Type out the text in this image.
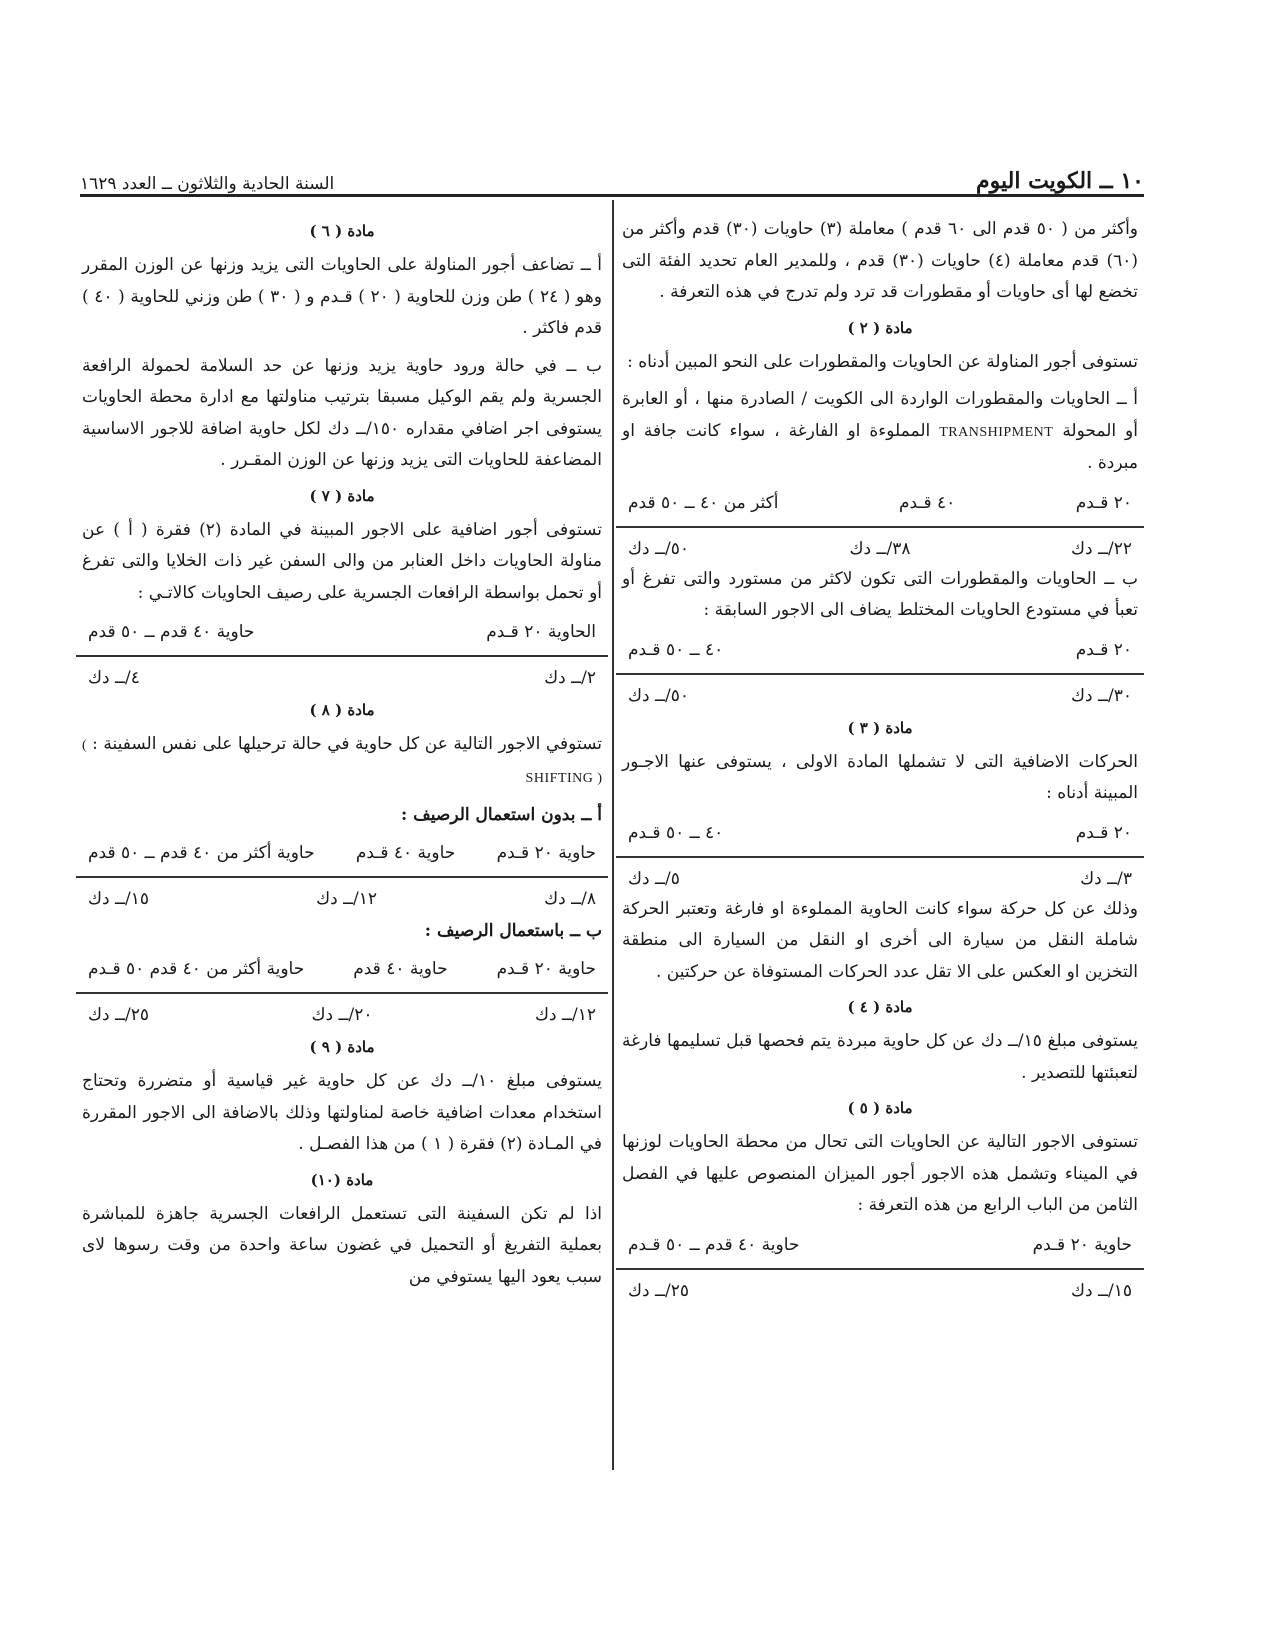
١٠ ــ الكويت اليوم
السنة الحادية والثلاثون ــ العدد ١٦٢٩

وأكثر من ( ٥٠ قدم الى ٦٠ قدم ) معاملة (٣) حاويات (٣٠) قدم وأكثر من (٦٠) قدم معاملة (٤) حاويات (٣٠) قدم ، وللمدير العام تحديد الفئة التى تخضع لها أى حاويات أو مقطورات قد ترد ولم تدرج في هذه التعرفة .

مادة ( ٢ )

تستوفى أجور المناولة عن الحاويات والمقطورات على النحو المبين أدناه :

أ ــ الحاويات والمقطورات الواردة الى الكويت / الصادرة منها ، أو العابرة أو المحولة TRANSHIPMENT المملوءة او الفارغة ، سواء كانت جافة او مبردة .

٢٠ قـدم
٤٠ قـدم
أكثر من ٤٠ ــ ٥٠ قدم
٢٢/ــ دك
٣٨/ــ دك
٥٠/ــ دك

ب ــ الحاويات والمقطورات التى تكون لاكثر من مستورد والتى تفرغ أو تعبأ في مستودع الحاويات المختلط يضاف الى الاجور السابقة :

٢٠ قـدم
٤٠ ــ ٥٠ قـدم
٣٠/ــ دك
٥٠/ــ دك
مادة ( ٣ )

الحركات الاضافية التى لا تشملها المادة الاولى ، يستوفى عنها الاجـور المبينة أدناه :

٢٠ قـدم
٤٠ ــ ٥٠ قـدم
٣/ــ دك
٥/ــ دك

وذلك عن كل حركة سواء كانت الحاوية المملوءة او فارغة وتعتبر الحركة شاملة النقل من سيارة الى أخرى او النقل من السيارة الى منطقة التخزين او العكس على الا تقل عدد الحركات المستوفاة عن حركتين .

مادة ( ٤ )

يستوفى مبلغ ١٥/ــ دك عن كل حاوية مبردة يتم فحصها قبل تسليمها فارغة لتعبئتها للتصدير .

مادة ( ٥ )

تستوفى الاجور التالية عن الحاويات التى تحال من محطة الحاويات لوزنها في الميناء وتشمل هذه الاجور أجور الميزان المنصوص عليها في الفصل الثامن من الباب الرابع من هذه التعرفة :

حاوية ٢٠ قـدم
حاوية ٤٠ قدم ــ ٥٠ قـدم
١٥/ــ دك
٢٥/ــ دك
مادة ( ٦ )

أ ــ تضاعف أجور المناولة على الحاويات التى يزيد وزنها عن الوزن المقرر وهو ( ٢٤ ) طن وزن للحاوية ( ٢٠ ) قـدم و ( ٣٠ ) طن وزني للحاوية ( ٤٠ ) قدم فاكثر .

ب ــ في حالة ورود حاوية يزيد وزنها عن حد السلامة لحمولة الرافعة الجسرية ولم يقم الوكيل مسبقا بترتيب مناولتها مع ادارة محطة الحاويات يستوفى اجر اضافي مقداره ١٥٠/ــ دك لكل حاوية اضافة للاجور الاساسية المضاعفة للحاويات التى يزيد وزنها عن الوزن المقـرر .

مادة ( ٧ )

تستوفى أجور اضافية على الاجور المبينة في المادة (٢) فقرة ( أ ) عن مناولة الحاويات داخل العنابر من والى السفن غير ذات الخلايا والتى تفرغ أو تحمل بواسطة الرافعات الجسرية على رصيف الحاويات كالاتـي :

الحاوية ٢٠ قـدم
حاوية ٤٠ قدم ــ ٥٠ قدم
٢/ــ دك
٤/ــ دك
مادة ( ٨ )

تستوفي الاجور التالية عن كل حاوية في حالة ترحيلها على نفس السفينة : ( SHIFTING )

أ ــ بدون استعمال الرصيف :
حاوية ٢٠ قـدم
حاوية ٤٠ قـدم
حاوية أكثر من ٤٠ قدم ــ ٥٠ قدم
٨/ــ دك
١٢/ــ دك
١٥/ــ دك
ب ــ باستعمال الرصيف :
حاوية ٢٠ قـدم
حاوية ٤٠ قدم
حاوية أكثر من ٤٠ قدم ٥٠ قـدم
١٢/ــ دك
٢٠/ــ دك
٢٥/ــ دك
مادة ( ٩ )

يستوفى مبلغ ١٠/ــ دك عن كل حاوية غير قياسية أو متضررة وتحتاج استخدام معدات اضافية خاصة لمناولتها وذلك بالاضافة الى الاجور المقررة في المـادة (٢) فقرة ( ١ ) من هذا الفصـل .

مادة (١٠)

اذا لم تكن السفينة التى تستعمل الرافعات الجسرية جاهزة للمباشرة بعملية التفريغ أو التحميل في غضون ساعة واحدة من وقت رسوها لاى سبب يعود اليها يستوفي من
